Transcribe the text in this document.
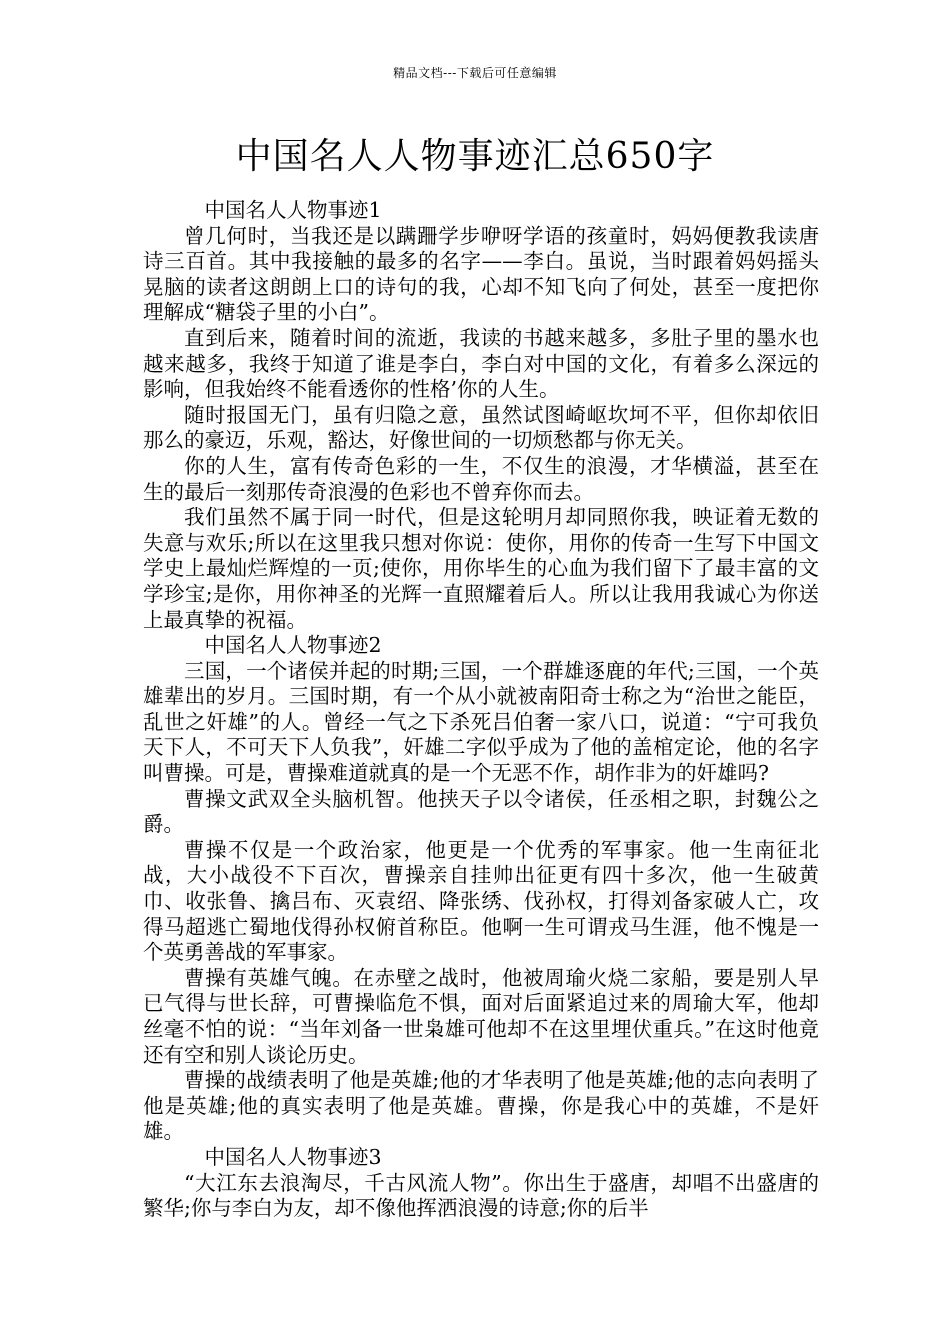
精品文档---下载后可任意编辑
中国名人人物事迹汇总650字

中国名人人物事迹1

曾几何时，当我还是以蹒跚学步咿呀学语的孩童时，妈妈便教我读唐诗三百首。其中我接触的最多的名字——李白。虽说，当时跟着妈妈摇头晃脑的读者这朗朗上口的诗句的我，心却不知飞向了何处，甚至一度把你理解成“糖袋子里的小白”。

直到后来，随着时间的流逝，我读的书越来越多，多肚子里的墨水也越来越多，我终于知道了谁是李白，李白对中国的文化，有着多么深远的影响，但我始终不能看透你的性格’你的人生。

随时报国无门，虽有归隐之意，虽然试图崎岖坎坷不平，但你却依旧那么的豪迈，乐观，豁达，好像世间的一切烦愁都与你无关。

你的人生，富有传奇色彩的一生，不仅生的浪漫，才华横溢，甚至在生的最后一刻那传奇浪漫的色彩也不曾弃你而去。

我们虽然不属于同一时代，但是这轮明月却同照你我，映证着无数的失意与欢乐;所以在这里我只想对你说：使你，用你的传奇一生写下中国文学史上最灿烂辉煌的一页;使你，用你毕生的心血为我们留下了最丰富的文学珍宝;是你，用你神圣的光辉一直照耀着后人。所以让我用我诚心为你送上最真挚的祝福。

中国名人人物事迹2

三国，一个诸侯并起的时期;三国，一个群雄逐鹿的年代;三国，一个英雄辈出的岁月。三国时期，有一个从小就被南阳奇士称之为“治世之能臣，乱世之奸雄”的人。曾经一气之下杀死吕伯奢一家八口，说道：“宁可我负天下人，不可天下人负我”，奸雄二字似乎成为了他的盖棺定论，他的名字叫曹操。可是，曹操难道就真的是一个无恶不作，胡作非为的奸雄吗?

曹操文武双全头脑机智。他挟天子以令诸侯，任丞相之职，封魏公之爵。

曹操不仅是一个政治家，他更是一个优秀的军事家。他一生南征北战，大小战役不下百次，曹操亲自挂帅出征更有四十多次，他一生破黄巾、收张鲁、擒吕布、灭袁绍、降张绣、伐孙权，打得刘备家破人亡，攻得马超逃亡蜀地伐得孙权俯首称臣。他啊一生可谓戎马生涯，他不愧是一个英勇善战的军事家。

曹操有英雄气魄。在赤壁之战时，他被周瑜火烧二家船，要是别人早已气得与世长辞，可曹操临危不惧，面对后面紧追过来的周瑜大军，他却丝毫不怕的说：“当年刘备一世枭雄可他却不在这里埋伏重兵。”在这时他竟还有空和别人谈论历史。

曹操的战绩表明了他是英雄;他的才华表明了他是英雄;他的志向表明了他是英雄;他的真实表明了他是英雄。曹操，你是我心中的英雄，不是奸雄。

中国名人人物事迹3

“大江东去浪淘尽，千古风流人物”。你出生于盛唐，却唱不出盛唐的繁华;你与李白为友，却不像他挥洒浪漫的诗意;你的后半
